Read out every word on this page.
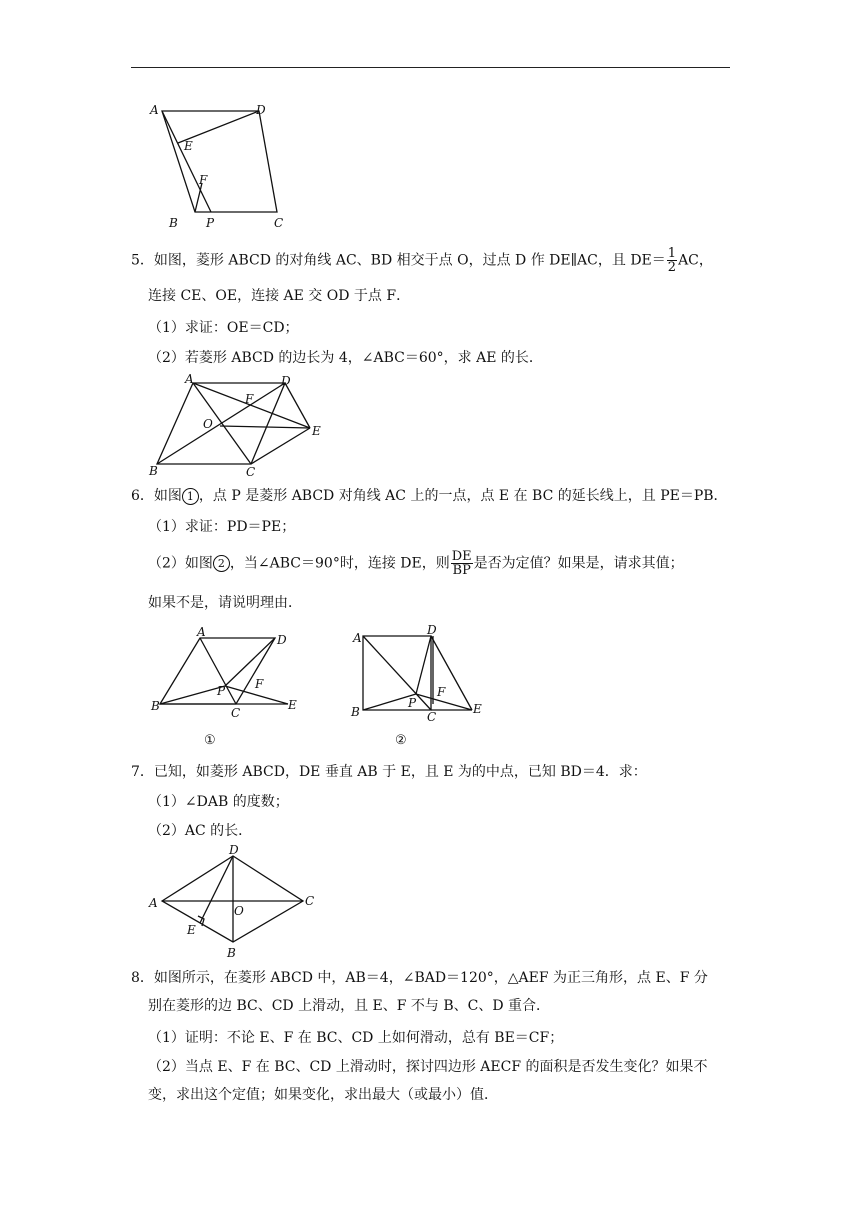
A	D
E
F
B P	C
5．如图，菱形 ABCD 的对角线 AC、BD 相交于点 O，过点 D 作 DE∥AC，且 $DE= \frac{1}{2}$ AC，
连接 CE、OE，连接 AE 交 OD 于点 F．
（1）求证：OE＝CD；
（2）若菱形 ABCD 的边长为 4，∠ABC＝60°，求 AE 的长．
A	D
F
O	E
B	C
6．如图 1 ，点 P 是菱形 ABCD 对角线 AC 上的一点，点 E 在 BC 的延长线上，且 PE＝PB．
（1）求证：PD＝PE；
（2）如图 2 ，当∠ABC＝90°时，连接 DE，则 $\frac{DE}{BP}$ 是否为定值？如果是，请求其值；
如果不是，请说明理由．
A
D
B
P
C
F
E
①
A
D
B
P
C
F
E
②
7．已知，如菱形 ABCD，DE 垂直 AB 于 E，且 E 为的中点，已知 BD＝4．求：
（1）∠DAB 的度数；
（2）AC 的长．
D
A
O
C
E
B
8．如图所示，在菱形 ABCD 中，AB＝4，∠BAD＝120°，△AEF 为正三角形，点 E、F 分
别在菱形的边 BC、CD 上滑动，且 E、F 不与 B、C、D 重合．
（1）证明：不论 E、F 在 BC、CD 上如何滑动，总有 BE＝CF；
（2）当点 E、F 在 BC、CD 上滑动时，探讨四边形 AECF 的面积是否发生变化？如果不
变，求出这个定值；如果变化，求出最大（或最小）值．
